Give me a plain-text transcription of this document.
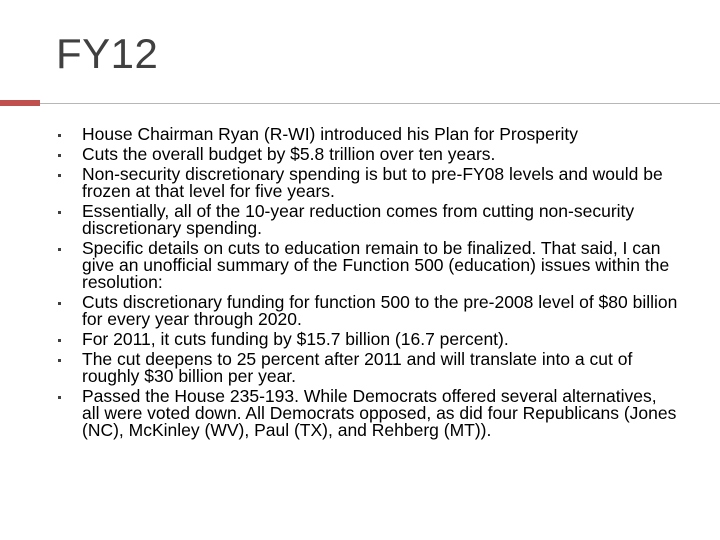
FY12
House Chairman Ryan (R-WI) introduced his Plan for Prosperity
Cuts the overall budget by $5.8 trillion over ten years.
Non-security discretionary spending is but to pre-FY08 levels and would be frozen at that level for five years.
Essentially, all of the 10-year reduction comes from cutting non-security discretionary spending.
Specific details on cuts to education remain to be finalized. That said, I can give an unofficial summary of the Function 500 (education) issues within the resolution:
Cuts discretionary funding for function 500 to the pre-2008 level of $80 billion for every year through 2020.
For 2011, it cuts funding by $15.7 billion (16.7 percent).
The cut deepens to 25 percent after 2011 and will translate into a cut of roughly $30 billion per year.
Passed the House 235-193. While Democrats offered several alternatives, all were voted down. All Democrats opposed, as did four Republicans (Jones (NC), McKinley (WV), Paul (TX), and Rehberg (MT)).
